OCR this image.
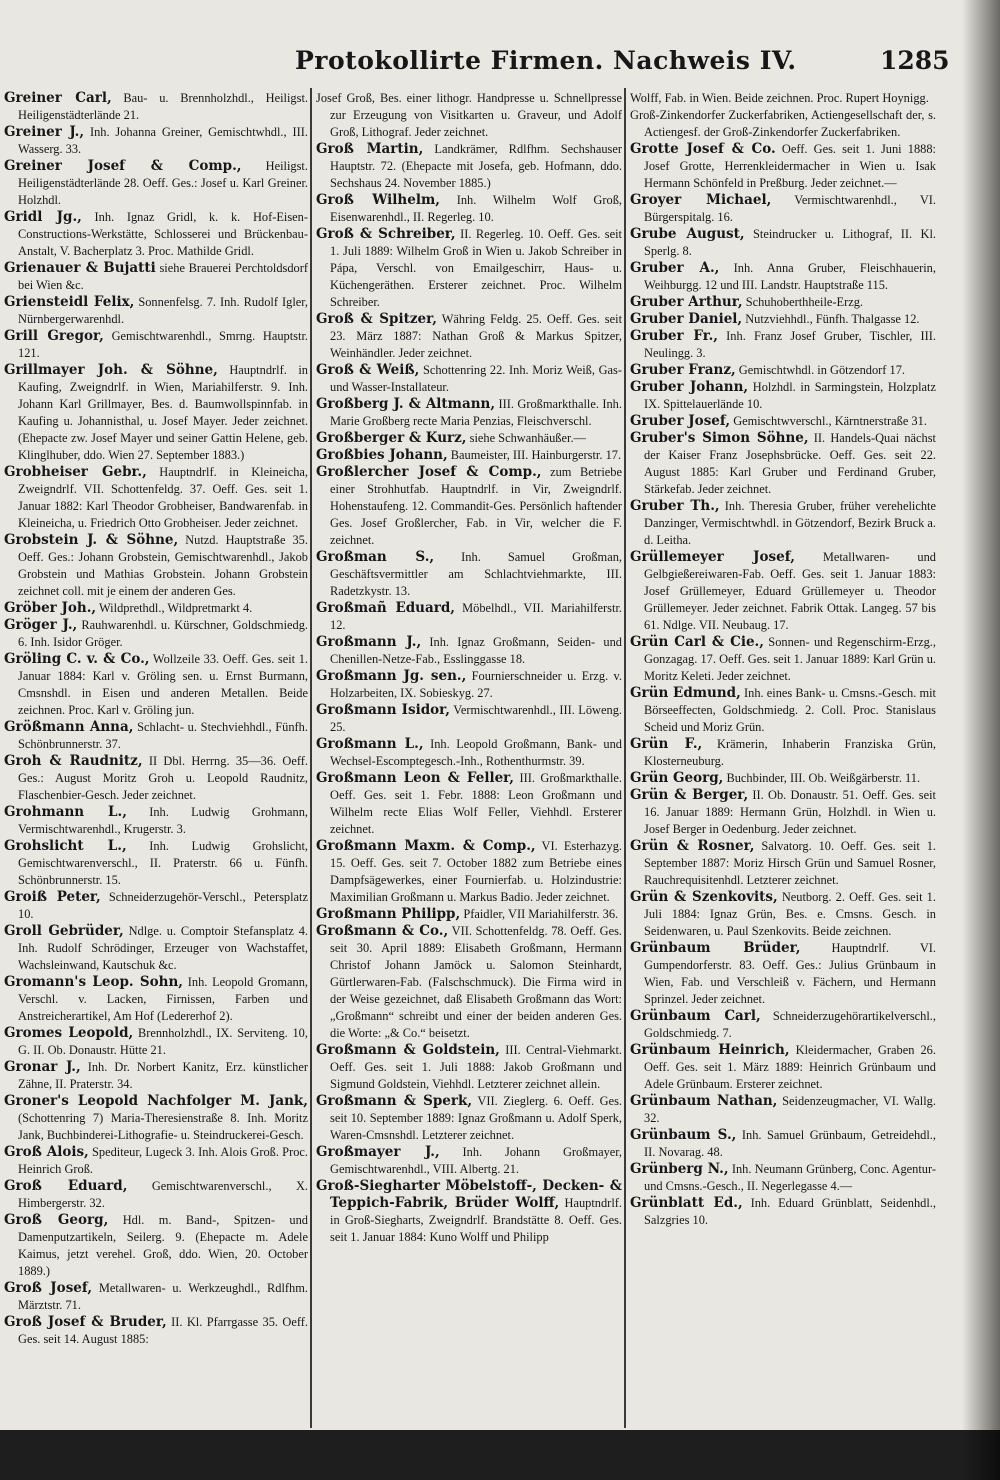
Protokollirte Firmen. Nachweis IV.	1285

Greiner Carl, Bau- u. Brennholzhdl., Heiligst. Heiligenstädterlände 21.

Greiner J., Inh. Johanna Greiner, Gemischtwhdl., III. Wasserg. 33.

Greiner Josef & Comp., Heiligst. Heiligenstädterlände 28. Oeff. Ges.: Josef u. Karl Greiner. Holzhdl.

Gridl Jg., Inh. Ignaz Gridl, k. k. Hof-Eisen-Constructions-Werkstätte, Schlosserei und Brückenbau-Anstalt, V. Bacherplatz 3. Proc. Mathilde Gridl.

Grienauer & Bujatti siehe Brauerei Perchtoldsdorf bei Wien &c.

Griensteidl Felix, Sonnenfelsg. 7. Inh. Rudolf Igler, Nürnbergerwarenhdl.

Grill Gregor, Gemischtwarenhdl., Smrng. Hauptstr. 121.

Grillmayer Joh. & Söhne, Hauptndrlf. in Kaufing, Zweigndrlf. in Wien, Mariahilferstr. 9. Inh. Johann Karl Grillmayer, Bes. d. Baumwollspinnfab. in Kaufing u. Johannisthal, u. Josef Mayer. Jeder zeichnet. (Ehepacte zw. Josef Mayer und seiner Gattin Helene, geb. Klinglhuber, ddo. Wien 27. September 1883.)

Grobheiser Gebr., Hauptndrlf. in Kleineicha, Zweigndrlf. VII. Schottenfeldg. 37. Oeff. Ges. seit 1. Januar 1882: Karl Theodor Grobheiser, Bandwarenfab. in Kleineicha, u. Friedrich Otto Grobheiser. Jeder zeichnet.

Grobstein J. & Söhne, Nutzd. Hauptstraße 35. Oeff. Ges.: Johann Grobstein, Gemischtwarenhdl., Jakob Grobstein und Mathias Grobstein. Johann Grobstein zeichnet coll. mit je einem der anderen Ges.

Gröber Joh., Wildprethdl., Wildpretmarkt 4.

Gröger J., Rauhwarenhdl. u. Kürschner, Goldschmiedg. 6. Inh. Isidor Gröger.

Gröling C. v. & Co., Wollzeile 33. Oeff. Ges. seit 1. Januar 1884: Karl v. Gröling sen. u. Ernst Burmann, Cmsnshdl. in Eisen und anderen Metallen. Beide zeichnen. Proc. Karl v. Gröling jun.

Größmann Anna, Schlacht- u. Stechviehhdl., Fünfh. Schönbrunnerstr. 37.

Groh & Raudnitz, II Dbl. Herrng. 35—36. Oeff. Ges.: August Moritz Groh u. Leopold Raudnitz, Flaschenbier-Gesch. Jeder zeichnet.

Grohmann L., Inh. Ludwig Grohmann, Vermischtwarenhdl., Krugerstr. 3.

Grohslicht L., Inh. Ludwig Grohslicht, Gemischtwarenverschl., II. Praterstr. 66 u. Fünfh. Schönbrunnerstr. 15.

Groiß Peter, Schneiderzugehör-Verschl., Petersplatz 10.

Groll Gebrüder, Ndlge. u. Comptoir Stefansplatz 4. Inh. Rudolf Schrödinger, Erzeuger von Wachstaffet, Wachsleinwand, Kautschuk &c.

Gromann's Leop. Sohn, Inh. Leopold Gromann, Verschl. v. Lacken, Firnissen, Farben und Anstreicherartikel, Am Hof (Ledererhof 2).

Gromes Leopold, Brennholzhdl., IX. Serviteng. 10, G. II. Ob. Donaustr. Hütte 21.

Gronar J., Inh. Dr. Norbert Kanitz, Erz. künstlicher Zähne, II. Praterstr. 34.

Groner's Leopold Nachfolger M. Jank, (Schottenring 7) Maria-Theresienstraße 8. Inh. Moritz Jank, Buchbinderei-Lithografie- u. Steindruckerei-Gesch.

Groß Alois, Spediteur, Lugeck 3. Inh. Alois Groß. Proc. Heinrich Groß.

Groß Eduard, Gemischtwarenverschl., X. Himbergerstr. 32.

Groß Georg, Hdl. m. Band-, Spitzen- und Damenputzartikeln, Seilerg. 9. (Ehepacte m. Adele Kaimus, jetzt verehel. Groß, ddo. Wien, 20. October 1889.)

Groß Josef, Metallwaren- u. Werkzeughdl., Rdlfhm. Märztstr. 71.

Groß Josef & Bruder, II. Kl. Pfarrgasse 35. Oeff. Ges. seit 14. August 1885:

Josef Groß, Bes. einer lithogr. Handpresse u. Schnellpresse zur Erzeugung von Visitkarten u. Graveur, und Adolf Groß, Lithograf. Jeder zeichnet.

Groß Martin, Landkrämer, Rdlfhm. Sechshauser Hauptstr. 72. (Ehepacte mit Josefa, geb. Hofmann, ddo. Sechshaus 24. November 1885.)

Groß Wilhelm, Inh. Wilhelm Wolf Groß, Eisenwarenhdl., II. Regerleg. 10.

Groß & Schreiber, II. Regerleg. 10. Oeff. Ges. seit 1. Juli 1889: Wilhelm Groß in Wien u. Jakob Schreiber in Pápa, Verschl. von Emailgeschirr, Haus- u. Küchengeräthen. Ersterer zeichnet. Proc. Wilhelm Schreiber.

Groß & Spitzer, Währing Feldg. 25. Oeff. Ges. seit 23. März 1887: Nathan Groß & Markus Spitzer, Weinhändler. Jeder zeichnet.

Groß & Weiß, Schottenring 22. Inh. Moriz Weiß, Gas- und Wasser-Installateur.

Großberg J. & Altmann, III. Großmarkthalle. Inh. Marie Großberg recte Maria Penzias, Fleischverschl.

Großberger & Kurz, siehe Schwanhäußer.—

Großbies Johann, Baumeister, III. Hainburgerstr. 17.

Großlercher Josef & Comp., zum Betriebe einer Strohhutfab. Hauptndrlf. in Vir, Zweigndrlf. Hohenstaufeng. 12. Commandit-Ges. Persönlich haftender Ges. Josef Großlercher, Fab. in Vir, welcher die F. zeichnet.

Großman S., Inh. Samuel Großman, Geschäftsvermittler am Schlachtviehmarkte, III. Radetzkystr. 13.

Großmañ Eduard, Möbelhdl., VII. Mariahilferstr. 12.

Großmann J., Inh. Ignaz Großmann, Seiden- und Chenillen-Netze-Fab., Esslinggasse 18.

Großmann Jg. sen., Fournierschneider u. Erzg. v. Holzarbeiten, IX. Sobieskyg. 27.

Großmann Isidor, Vermischtwarenhdl., III. Löweng. 25.

Großmann L., Inh. Leopold Großmann, Bank- und Wechsel-Escomptegesch.-Inh., Rothenthurmstr. 39.

Großmann Leon & Feller, III. Großmarkthalle. Oeff. Ges. seit 1. Febr. 1888: Leon Großmann und Wilhelm recte Elias Wolf Feller, Viehhdl. Ersterer zeichnet.

Großmann Maxm. & Comp., VI. Esterhazyg. 15. Oeff. Ges. seit 7. October 1882 zum Betriebe eines Dampfsägewerkes, einer Fournierfab. u. Holzindustrie: Maximilian Großmann u. Markus Badio. Jeder zeichnet.

Großmann Philipp, Pfaidler, VII Mariahilferstr. 36.

Großmann & Co., VII. Schottenfeldg. 78. Oeff. Ges. seit 30. April 1889: Elisabeth Großmann, Hermann Christof Johann Jamöck u. Salomon Steinhardt, Gürtlerwaren-Fab. (Falschschmuck). Die Firma wird in der Weise gezeichnet, daß Elisabeth Großmann das Wort: „Großmann“ schreibt und einer der beiden anderen Ges. die Worte: „& Co.“ beisetzt.

Großmann & Goldstein, III. Central-Viehmarkt. Oeff. Ges. seit 1. Juli 1888: Jakob Großmann und Sigmund Goldstein, Viehhdl. Letzterer zeichnet allein.

Großmann & Sperk, VII. Zieglerg. 6. Oeff. Ges. seit 10. September 1889: Ignaz Großmann u. Adolf Sperk, Waren-Cmsnshdl. Letzterer zeichnet.

Großmayer J., Inh. Johann Großmayer, Gemischtwarenhdl., VIII. Albertg. 21.

Groß-Siegharter Möbelstoff-, Decken- & Teppich-Fabrik, Brüder Wolff, Hauptndrlf. in Groß-Siegharts, Zweigndrlf. Brandstätte 8. Oeff. Ges. seit 1. Januar 1884: Kuno Wolff und Philipp

Wolff, Fab. in Wien. Beide zeichnen. Proc. Rupert Hoynigg.

Groß-Zinkendorfer Zuckerfabriken, Actiengesellschaft der, s. Actiengesf. der Groß-Zinkendorfer Zuckerfabriken.

Grotte Josef & Co. Oeff. Ges. seit 1. Juni 1888: Josef Grotte, Herrenkleidermacher in Wien u. Isak Hermann Schönfeld in Preßburg. Jeder zeichnet.—

Groyer Michael, Vermischtwarenhdl., VI. Bürgerspitalg. 16.

Grube August, Steindrucker u. Lithograf, II. Kl. Sperlg. 8.

Gruber A., Inh. Anna Gruber, Fleischhauerin, Weihburgg. 12 und III. Landstr. Hauptstraße 115.

Gruber Arthur, Schuhoberthheile-Erzg.

Gruber Daniel, Nutzviehhdl., Fünfh. Thalgasse 12.

Gruber Fr., Inh. Franz Josef Gruber, Tischler, III. Neulingg. 3.

Gruber Franz, Gemischtwhdl. in Götzendorf 17.

Gruber Johann, Holzhdl. in Sarmingstein, Holzplatz IX. Spittelauerlände 10.

Gruber Josef, Gemischtwverschl., Kärntnerstraße 31.

Gruber's Simon Söhne, II. Handels-Quai nächst der Kaiser Franz Josephsbrücke. Oeff. Ges. seit 22. August 1885: Karl Gruber und Ferdinand Gruber, Stärkefab. Jeder zeichnet.

Gruber Th., Inh. Theresia Gruber, früher verehelichte Danzinger, Vermischtwhdl. in Götzendorf, Bezirk Bruck a. d. Leitha.

Grüllemeyer Josef, Metallwaren- und Gelbgießereiwaren-Fab. Oeff. Ges. seit 1. Januar 1883: Josef Grüllemeyer, Eduard Grüllemeyer u. Theodor Grüllemeyer. Jeder zeichnet. Fabrik Ottak. Langeg. 57 bis 61. Ndlge. VII. Neubaug. 17.

Grün Carl & Cie., Sonnen- und Regenschirm-Erzg., Gonzagag. 17. Oeff. Ges. seit 1. Januar 1889: Karl Grün u. Moritz Keleti. Jeder zeichnet.

Grün Edmund, Inh. eines Bank- u. Cmsns.-Gesch. mit Börseeffecten, Goldschmiedg. 2. Coll. Proc. Stanislaus Scheid und Moriz Grün.

Grün F., Krämerin, Inhaberin Franziska Grün, Klosterneuburg.

Grün Georg, Buchbinder, III. Ob. Weißgärberstr. 11.

Grün & Berger, II. Ob. Donaustr. 51. Oeff. Ges. seit 16. Januar 1889: Hermann Grün, Holzhdl. in Wien u. Josef Berger in Oedenburg. Jeder zeichnet.

Grün & Rosner, Salvatorg. 10. Oeff. Ges. seit 1. September 1887: Moriz Hirsch Grün und Samuel Rosner, Rauchrequisitenhdl. Letzterer zeichnet.

Grün & Szenkovits, Neutborg. 2. Oeff. Ges. seit 1. Juli 1884: Ignaz Grün, Bes. e. Cmsns. Gesch. in Seidenwaren, u. Paul Szenkovits. Beide zeichnen.

Grünbaum Brüder,	Hauptndrlf. VI. Gumpendorferstr. 83. Oeff. Ges.: Julius Grünbaum in Wien, Fab. und Verschleiß v. Fächern, und Hermann Sprinzel. Jeder zeichnet.

Grünbaum Carl, Schneiderzugehörartikelverschl., Goldschmiedg. 7.

Grünbaum Heinrich, Kleidermacher, Graben 26. Oeff. Ges. seit 1. März 1889: Heinrich Grünbaum und Adele Grünbaum. Ersterer zeichnet.

Grünbaum Nathan, Seidenzeugmacher, VI. Wallg. 32.

Grünbaum S., Inh. Samuel Grünbaum, Getreidehdl., II. Novarag. 48.

Grünberg N., Inh. Neumann Grünberg, Conc. Agentur- und Cmsns.-Gesch., II. Negerlegasse 4.—

Grünblatt Ed., Inh. Eduard Grünblatt, Seidenhdl., Salzgries 10.
